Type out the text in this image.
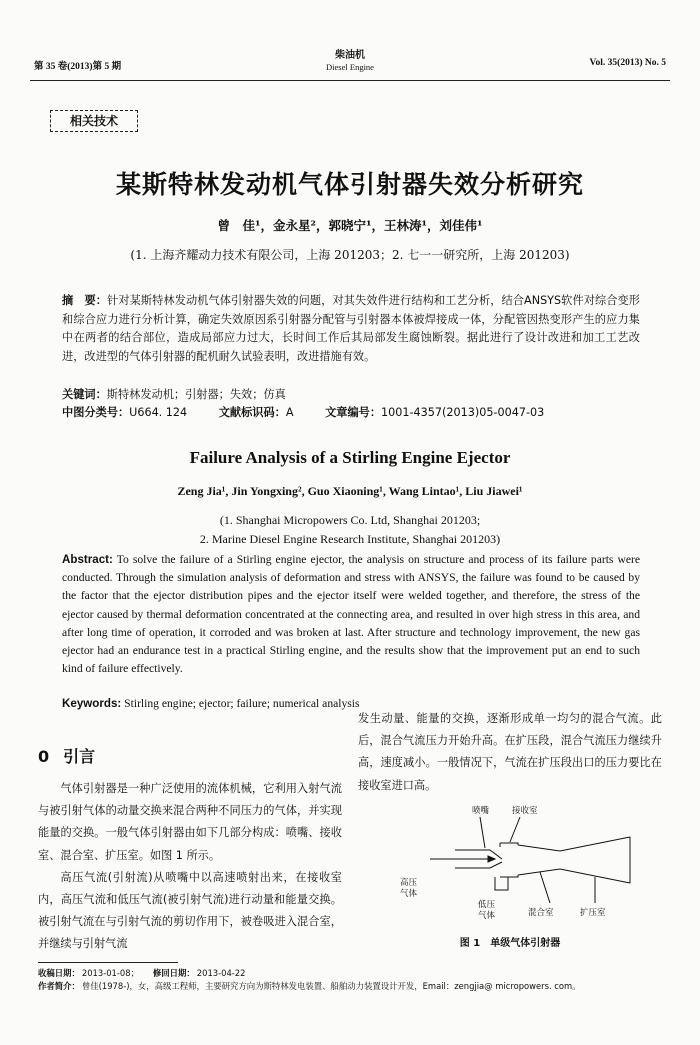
第 35 卷(2013)第 5 期
柴油机
Diesel Engine	Vol. 35(2013) No. 5
相关技术
某斯特林发动机气体引射器失效分析研究
曾　佳¹，金永星²，郭晓宁¹，王林涛¹，刘佳伟¹
(1. 上海齐耀动力技术有限公司，上海 201203；2. 七一一研究所，上海 201203)
摘　要：针对某斯特林发动机气体引射器失效的问题，对其失效件进行结构和工艺分析，结合ANSYS软件对综合变形和综合应力进行分析计算，确定失效原因系引射器分配管与引射器本体被焊接成一体，分配管因热变形产生的应力集中在两者的结合部位，造成局部应力过大，长时间工作后其局部发生腐蚀断裂。据此进行了设计改进和加工工艺改进，改进型的气体引射器的配机耐久试验表明，改进措施有效。
关键词：斯特林发动机；引射器；失效；仿真
中图分类号：U664. 124	文献标识码：A	文章编号：1001-4357(2013)05-0047-03
Failure Analysis of a Stirling Engine Ejector
Zeng Jia¹, Jin Yongxing², Guo Xiaoning¹, Wang Lintao¹, Liu Jiawei¹
(1. Shanghai Micropowers Co. Ltd, Shanghai 201203;
2. Marine Diesel Engine Research Institute, Shanghai 201203)
Abstract: To solve the failure of a Stirling engine ejector, the analysis on structure and process of its failure parts were conducted. Through the simulation analysis of deformation and stress with ANSYS, the failure was found to be caused by the factor that the ejector distribution pipes and the ejector itself were welded together, and therefore, the stress of the ejector caused by thermal deformation concentrated at the connecting area, and resulted in over high stress in this area, and after long time of operation, it corroded and was broken at last. After structure and technology improvement, the new gas ejector had an endurance test in a practical Stirling engine, and the results show that the improvement put an end to such kind of failure effectively.
Keywords: Stirling engine; ejector; failure; numerical analysis
0 引言

气体引射器是一种广泛使用的流体机械，它利用入射气流与被引射气体的动量交换来混合两种不同压力的气体，并实现能量的交换。一般气体引射器由如下几部分构成：喷嘴、接收室、混合室、扩压室。如图 1 所示。

高压气流(引射流)从喷嘴中以高速喷射出来，在接收室内，高压气流和低压气流(被引射气流)进行动量和能量交换。被引射气流在与引射气流的剪切作用下，被卷吸进入混合室，并继续与引射气流

发生动量、能量的交换，逐渐形成单一均匀的混合气流。此后，混合气流压力开始升高。在扩压段，混合气流压力继续升高，速度减小。一般情况下，气流在扩压段出口的压力要比在接收室进口高。

喷嘴	接收室
高压
气体
低压
气体	混合室	扩压室
图 1 单级气体引射器
收稿日期： 2013-01-08； 修回日期： 2013-04-22
作者简介： 曾佳(1978-)，女，高级工程师，主要研究方向为斯特林发电装置、船舶动力装置设计开发，Email：zengjia@ micropowers. com。
